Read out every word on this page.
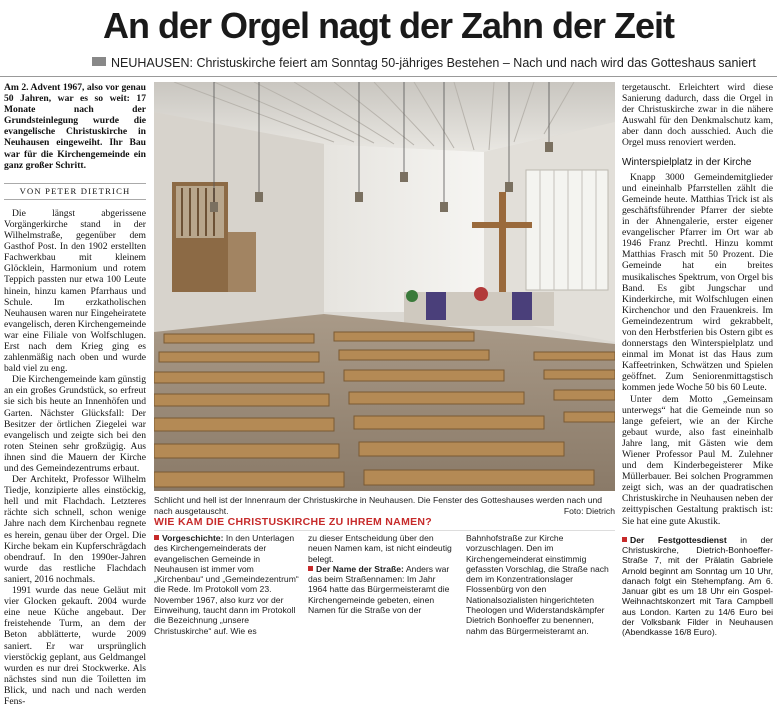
An der Orgel nagt der Zahn der Zeit
NEUHAUSEN: Christuskirche feiert am Sonntag 50-jähriges Bestehen – Nach und nach wird das Gotteshaus saniert

Am 2. Advent 1967, also vor genau 50 Jahren, war es so weit: 17 Monate nach der Grundsteinlegung wurde die evangelische Christuskirche in Neuhausen eingeweiht. Ihr Bau war für die Kirchengemeinde ein ganz großer Schritt.

VON PETER DIETRICH

Die längst abgerissene Vorgängerkirche stand in der Wilhelmstraße, gegenüber dem Gasthof Post. In den 1902 erstellten Fachwerkbau mit kleinem Glöcklein, Harmonium und rotem Teppich passten nur etwa 100 Leute hinein, hinzu kamen Pfarrhaus und Schule. Im erzkatholischen Neuhausen waren nur Eingeheiratete evangelisch, deren Kirchengemeinde war eine Filiale von Wolfschlugen. Erst nach dem Krieg ging es zahlenmäßig nach oben und wurde bald viel zu eng.

Die Kirchengemeinde kam günstig an ein großes Grundstück, so erfreut sie sich bis heute an Innenhöfen und Garten. Nächster Glücksfall: Der Besitzer der örtlichen Ziegelei war evangelisch und zeigte sich bei den roten Steinen sehr großzügig. Aus ihnen sind die Mauern der Kirche und des Gemeindezentrums erbaut.

Der Architekt, Professor Wilhelm Tiedje, konzipierte alles einstöckig, hell und mit Flachdach. Letzteres rächte sich schnell, schon wenige Jahre nach dem Kirchenbau regnete es herein, genau über der Orgel. Die Kirche bekam ein Kupferschrägdach obendrauf. In den 1990er-Jahren wurde das restliche Flachdach saniert, 2016 nochmals.

1991 wurde das neue Geläut mit vier Glocken gekauft. 2004 wurde eine neue Küche angebaut. Der freistehende Turm, an dem der Beton abblätterte, wurde 2009 saniert. Er war ursprünglich vierstöckig geplant, aus Geldmangel wurden es nur drei Stockwerke. Als nächstes sind nun die Toiletten im Blick, und nach und nach werden Fens-

Schlicht und hell ist der Innenraum der Christuskirche in Neuhausen. Die Fenster des Gotteshauses werden nach und nach ausgetauscht.	Foto: Dietrich
WIE KAM DIE CHRISTUSKIRCHE ZU IHREM NAMEN?
Vorgeschichte: In den Unterlagen des Kirchengemeinderats der evangelischen Gemeinde in Neuhausen ist immer vom „Kirchenbau“ und „Gemeindezentrum“ die Rede. Im Protokoll vom 23. November 1967, also kurz vor der Einweihung, taucht dann im Protokoll die Bezeichnung „unsere Christuskirche“ auf. Wie es
zu dieser Entscheidung über den neuen Namen kam, ist nicht eindeutig belegt.
Der Name der Straße: Anders war das beim Straßennamen: Im Jahr 1964 hatte das Bürgermeisteramt die Kirchengemeinde gebeten, einen Namen für die Straße von der
Bahnhofstraße zur Kirche vorzuschlagen. Den im Kirchengemeinderat einstimmig gefassten Vorschlag, die Straße nach dem im Konzentrationslager Flossenbürg von den Nationalsozialisten hingerichteten Theologen und Widerstandskämpfer Dietrich Bonhoeffer zu benennen, nahm das Bürgermeisteramt an.

tergetauscht. Erleichtert wird diese Sanierung dadurch, dass die Orgel in der Christuskirche zwar in die nähere Auswahl für den Denkmalschutz kam, aber dann doch ausschied. Auch die Orgel muss renoviert werden.

Winterspielplatz in der Kirche

Knapp 3000 Gemeindemitglieder und eineinhalb Pfarrstellen zählt die Gemeinde heute. Matthias Trick ist als geschäftsführender Pfarrer der siebte in der Ahnengalerie, erster eigener evangelischer Pfarrer im Ort war ab 1946 Franz Prechtl. Hinzu kommt Matthias Frasch mit 50 Prozent. Die Gemeinde hat ein breites musikalisches Spektrum, von Orgel bis Band. Es gibt Jungschar und Kinderkirche, mit Wolfschlugen einen Kirchenchor und den Frauenkreis. Im Gemeindezentrum wird gekrabbelt, von den Herbstferien bis Ostern gibt es donnerstags den Winterspielplatz und einmal im Monat ist das Haus zum Kaffeetrinken, Schwätzen und Spielen geöffnet. Zum Seniorenmittagstisch kommen jede Woche 50 bis 60 Leute.

Unter dem Motto „Gemeinsam unterwegs“ hat die Gemeinde nun so lange gefeiert, wie an der Kirche gebaut wurde, also fast eineinhalb Jahre lang, mit Gästen wie dem Wiener Professor Paul M. Zulehner und dem Kinderbegeisterer Mike Müllerbauer. Bei solchen Programmen zeigt sich, was an der quadratischen Christuskirche in Neuhausen neben der zeittypischen Gestaltung praktisch ist: Sie hat eine gute Akustik.

Der Festgottesdienst in der Christuskirche, Dietrich-Bonhoeffer-Straße 7, mit der Prälatin Gabriele Arnold beginnt am Sonntag um 10 Uhr, danach folgt ein Stehempfang. Am 6. Januar gibt es um 18 Uhr ein Gospel-Weihnachtskonzert mit Tara Campbell aus London. Karten zu 14/6 Euro bei der Volksbank Filder in Neuhausen (Abendkasse 16/8 Euro).
